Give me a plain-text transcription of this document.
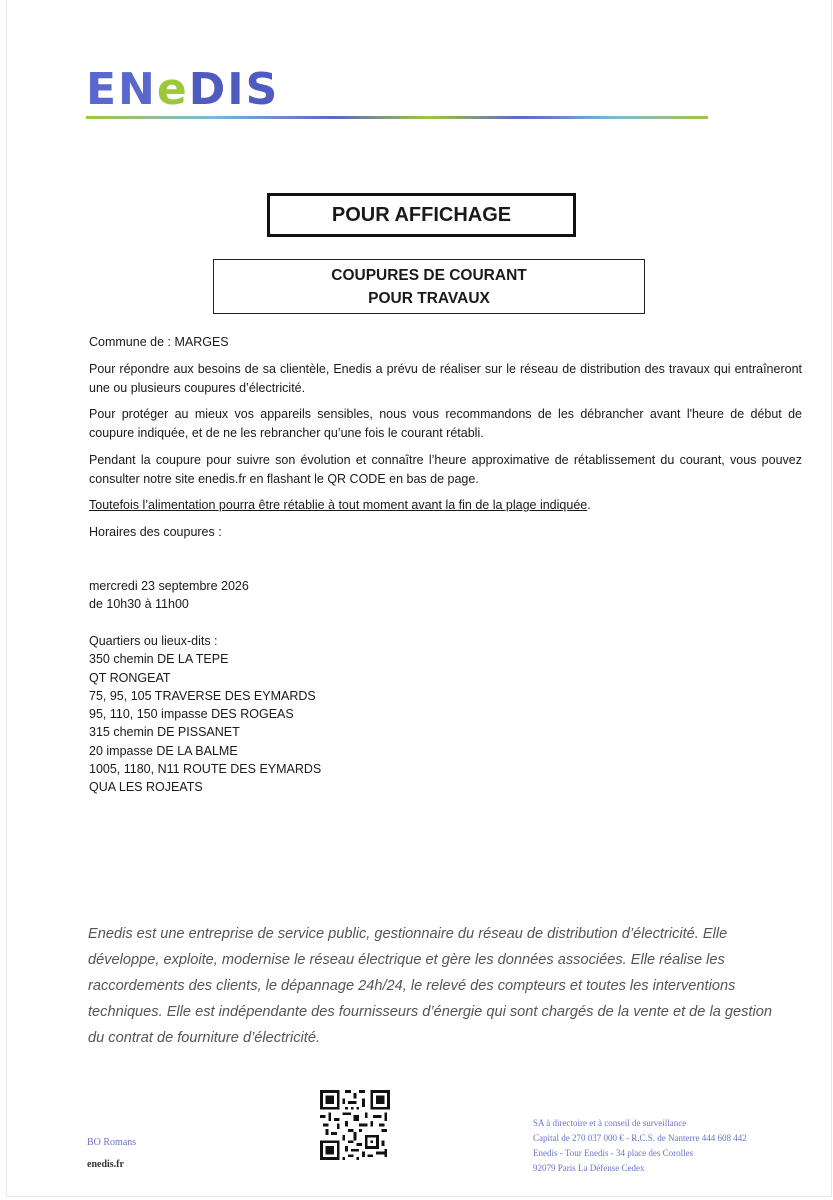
ENeDIS
POUR AFFICHAGE
COUPURES DE COURANT
POUR TRAVAUX
Commune de : MARGES
Pour répondre aux besoins de sa clientèle, Enedis a prévu de réaliser sur le réseau de distribution des travaux qui entraîneront une ou plusieurs coupures d’électricité.
Pour protéger au mieux vos appareils sensibles, nous vous recommandons de les débrancher avant l'heure de début de coupure indiquée, et de ne les rebrancher qu’une fois le courant rétabli.
Pendant la coupure pour suivre son évolution et connaître l’heure approximative de rétablissement du courant, vous pouvez consulter notre site enedis.fr en flashant le QR CODE en bas de page.
Toutefois l’alimentation pourra être rétablie à tout moment avant la fin de la plage indiquée.
Horaires des coupures :
mercredi 23 septembre 2026
de 10h30 à 11h00
Quartiers ou lieux-dits :
350 chemin DE LA TEPE
QT RONGEAT
75, 95, 105 TRAVERSE DES EYMARDS
95, 110, 150 impasse DES ROGEAS
315 chemin DE PISSANET
20 impasse DE LA BALME
1005, 1180, N11 ROUTE DES EYMARDS
QUA LES ROJEATS
Enedis est une entreprise de service public, gestionnaire du réseau de distribution d’électricité. Elle développe, exploite, modernise le réseau électrique et gère les données associées. Elle réalise les raccordements des clients, le dépannage 24h/24, le relevé des compteurs et toutes les interventions techniques. Elle est indépendante des fournisseurs d’énergie qui sont chargés de la vente et de la gestion du contrat de fourniture d’électricité.
BO Romans
enedis.fr
SA à directoire et à conseil de surveillance
Capital de 270 037 000 € - R.C.S. de Nanterre 444 608 442
Enedis - Tour Enedis - 34 place des Corolles
92079 Paris La Défense Cedex
